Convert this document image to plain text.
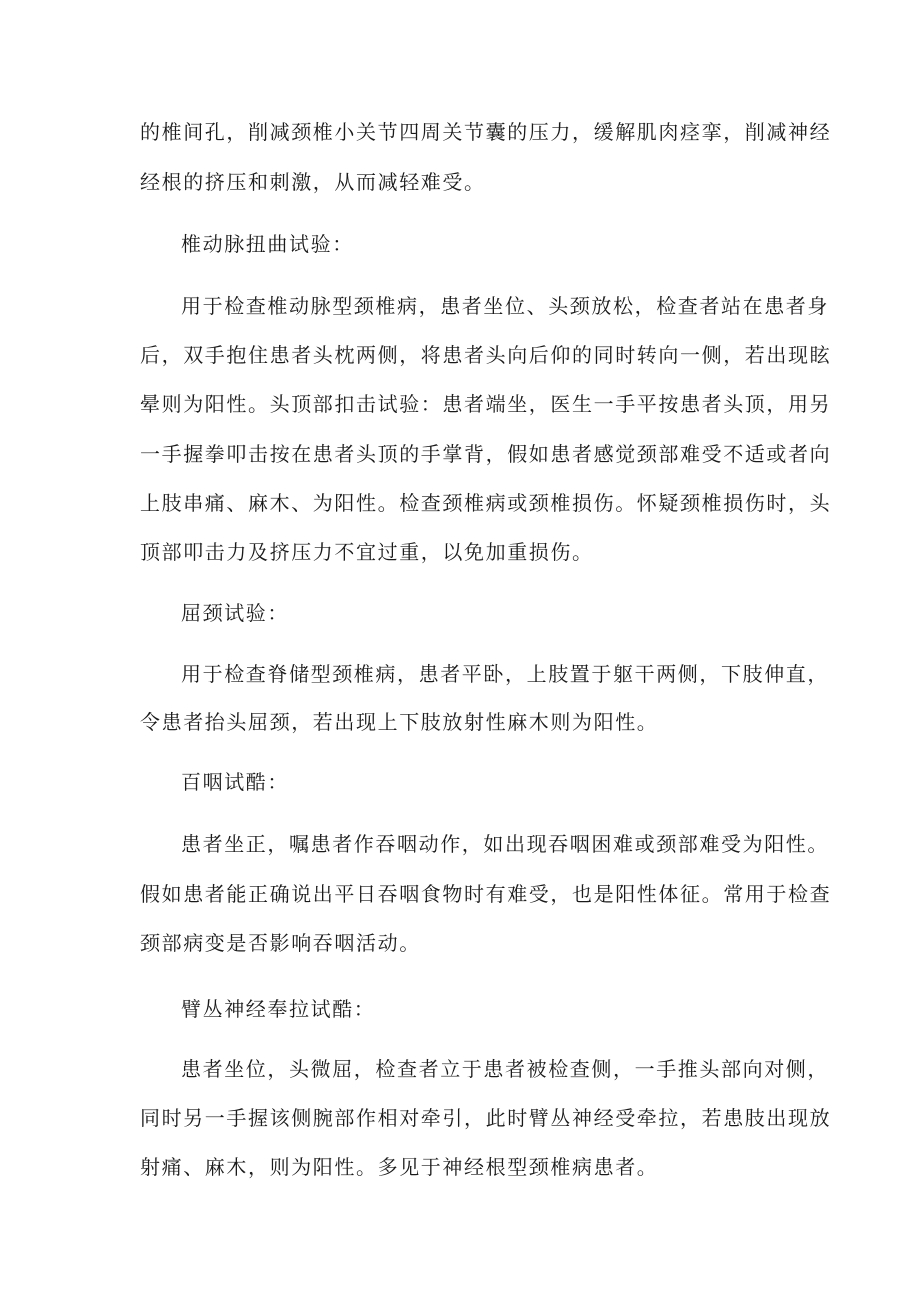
的椎间孔，削减颈椎小关节四周关节囊的压力，缓解肌肉痉挛，削减神经
经根的挤压和刺激，从而减轻难受。
椎动脉扭曲试验：
用于检查椎动脉型颈椎病，患者坐位、头颈放松，检查者站在患者身
后，双手抱住患者头枕两侧，将患者头向后仰的同时转向一侧，若出现眩
晕则为阳性。头顶部扣击试验：患者端坐，医生一手平按患者头顶，用另
一手握拳叩击按在患者头顶的手掌背，假如患者感觉颈部难受不适或者向
上肢串痛、麻木、为阳性。检查颈椎病或颈椎损伤。怀疑颈椎损伤时，头
顶部叩击力及挤压力不宜过重，以免加重损伤。
屈颈试验：
用于检查脊储型颈椎病，患者平卧，上肢置于躯干两侧，下肢伸直，
令患者抬头屈颈，若出现上下肢放射性麻木则为阳性。
百咽试酷：
患者坐正，嘱患者作吞咽动作，如出现吞咽困难或颈部难受为阳性。
假如患者能正确说出平日吞咽食物时有难受，也是阳性体征。常用于检查
颈部病变是否影响吞咽活动。
臂丛神经奉拉试酷：
患者坐位，头微屈，检查者立于患者被检查侧，一手推头部向对侧，
同时另一手握该侧腕部作相对牵引，此时臂丛神经受牵拉，若患肢出现放
射痛、麻木，则为阳性。多见于神经根型颈椎病患者。
